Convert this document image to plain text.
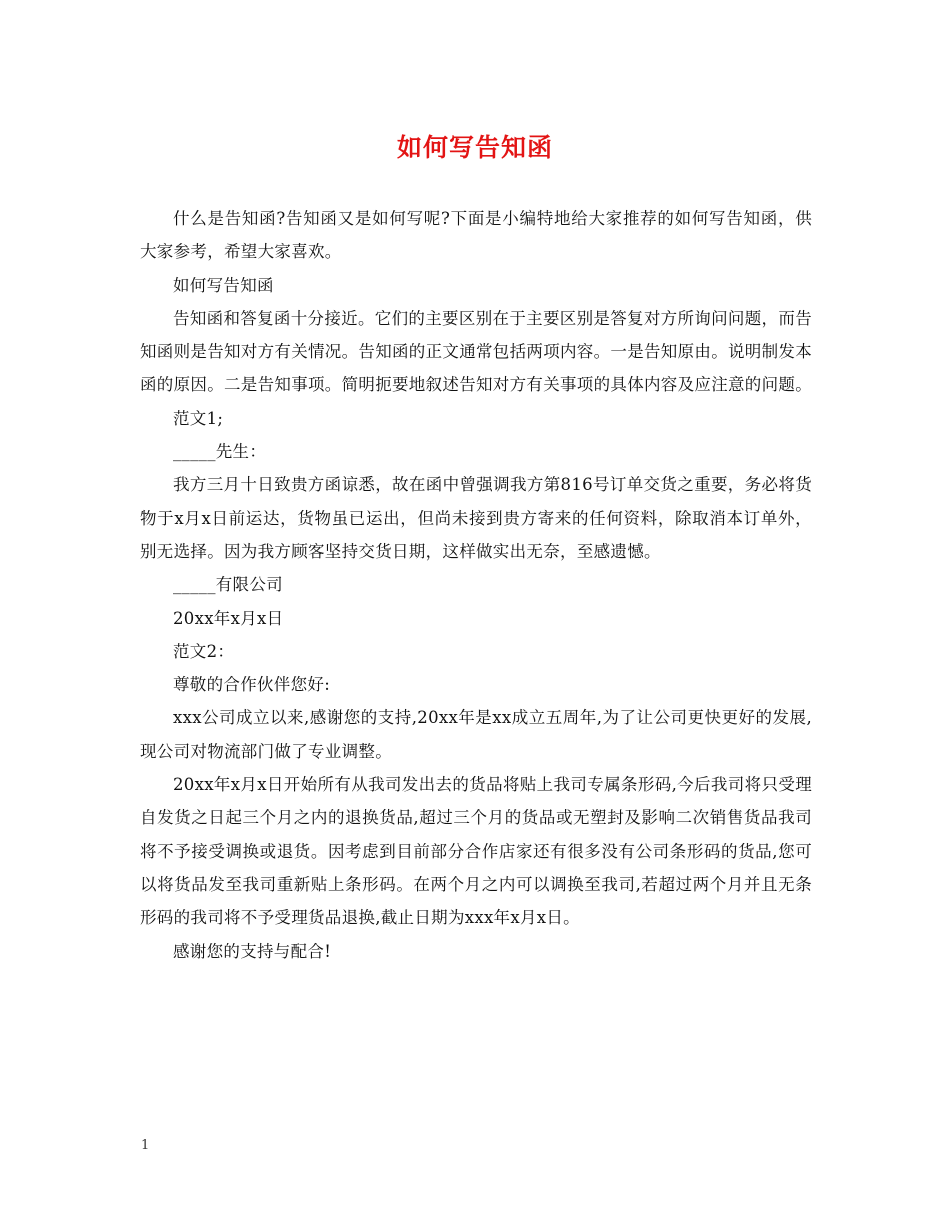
如何写告知函

什么是告知函?告知函又是如何写呢?下面是小编特地给大家推荐的如何写告知函，供大家参考，希望大家喜欢。

如何写告知函

告知函和答复函十分接近。它们的主要区别在于主要区别是答复对方所询问问题，而告知函则是告知对方有关情况。告知函的正文通常包括两项内容。一是告知原由。说明制发本函的原因。二是告知事项。简明扼要地叙述告知对方有关事项的具体内容及应注意的问题。

范文1;

_____先生：

我方三月十日致贵方函谅悉，故在函中曾强调我方第816号订单交货之重要，务必将货物于x月x日前运达，货物虽已运出，但尚未接到贵方寄来的任何资料，除取消本订单外，别无选择。因为我方顾客坚持交货日期，这样做实出无奈，至感遗憾。

_____有限公司

20xx年x月x日

范文2：

尊敬的合作伙伴您好:

xxx公司成立以来,感谢您的支持,20xx年是xx成立五周年,为了让公司更快更好的发展,现公司对物流部门做了专业调整。

20xx年x月x日开始所有从我司发出去的货品将贴上我司专属条形码,今后我司将只受理自发货之日起三个月之内的退换货品,超过三个月的货品或无塑封及影响二次销售货品我司将不予接受调换或退货。因考虑到目前部分合作店家还有很多没有公司条形码的货品,您可以将货品发至我司重新贴上条形码。在两个月之内可以调换至我司,若超过两个月并且无条形码的我司将不予受理货品退换,截止日期为xxx年x月x日。

感谢您的支持与配合!

1
